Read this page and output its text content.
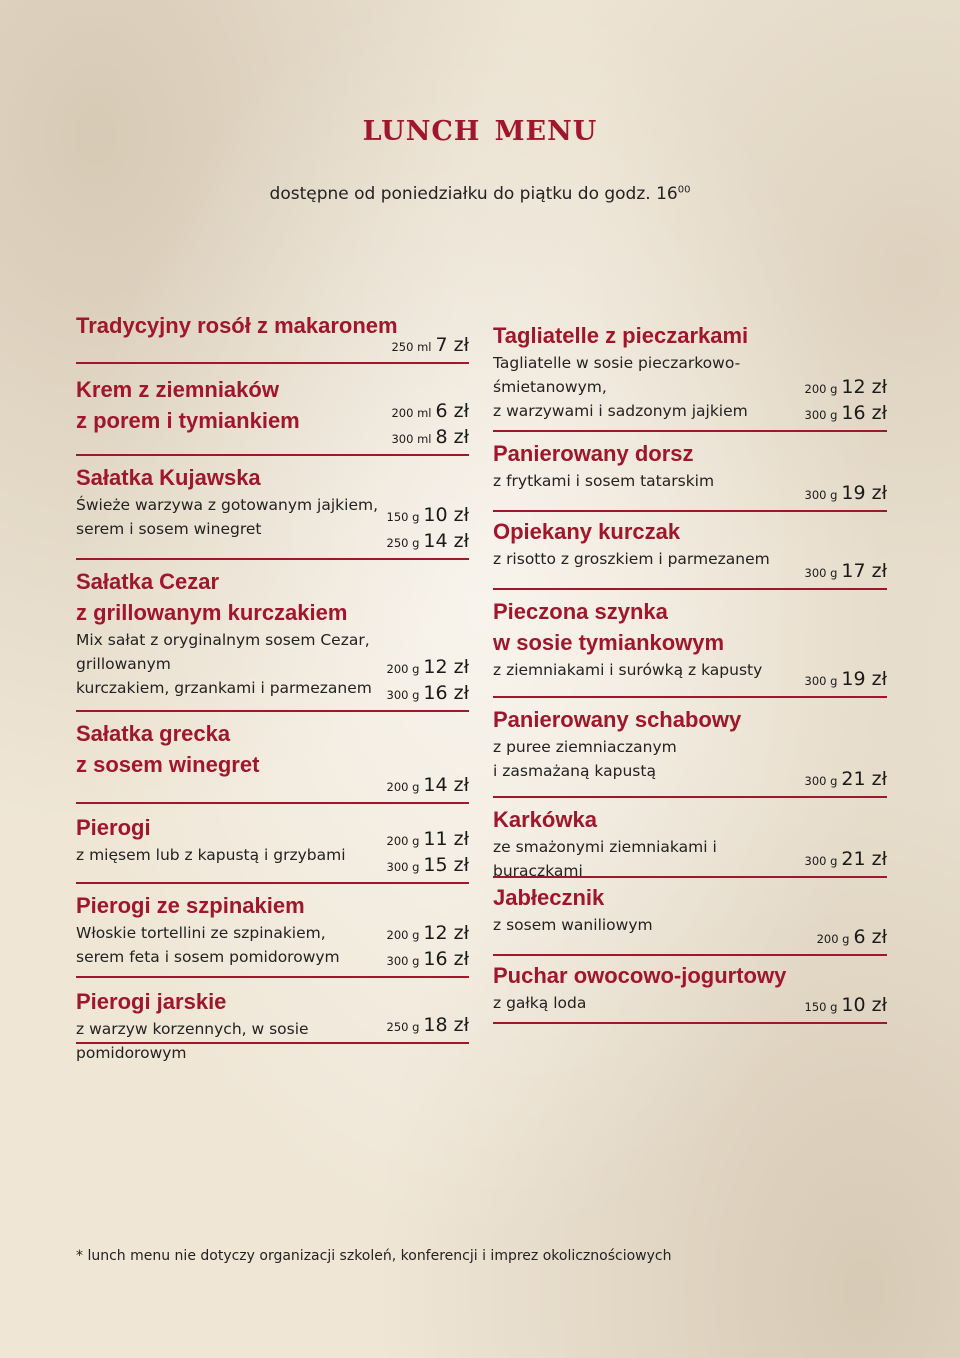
lunch menu
dostępne od poniedziałku do piątku do godz. $16^{00}$
Tradycyjny rosół z makaronem
250 ml 7 zł
Krem z ziemniaków
z porem i tymiankiem	200 ml 6 zł
300 ml 8 zł
Sałatka Kujawska
Świeże warzywa z gotowanym jajkiem,
serem i sosem winegret
150 g 10 zł
250 g 14 zł
Sałatka Cezar
z grillowanym kurczakiem
Mix sałat z oryginalnym sosem Cezar, grillowanym
kurczakiem, grzankami i parmezanem
200 g 12 zł
300 g 16 zł
Sałatka grecka
z sosem winegret
200 g 14 zł
Pierogi
z mięsem lub z kapustą i grzybami
200 g 11 zł
300 g 15 zł
Pierogi ze szpinakiem
Włoskie tortellini ze szpinakiem,
serem feta i sosem pomidorowym
200 g 12 zł
300 g 16 zł
Pierogi jarskie
z warzyw korzennych, w sosie pomidorowym
250 g 18 zł
Tagliatelle z pieczarkami
Tagliatelle w sosie pieczarkowo-śmietanowym,
z warzywami i sadzonym jajkiem
200 g 12 zł
300 g 16 zł
Panierowany dorsz
z frytkami i sosem tatarskim
300 g 19 zł
Opiekany kurczak
z risotto z groszkiem i parmezanem
300 g 17 zł
Pieczona szynka
w sosie tymiankowym
z ziemniakami i surówką z kapusty
300 g 19 zł
Panierowany schabowy
z puree ziemniaczanym
i zasmażaną kapustą
300 g 21 zł
Karkówka
ze smażonymi ziemniakami i buraczkami
300 g 21 zł
Jabłecznik
z sosem waniliowym
200 g 6 zł
Puchar owocowo-jogurtowy
z gałką loda	150 g 10 zł
* lunch menu nie dotyczy organizacji szkoleń, konferencji i imprez okolicznościowych
